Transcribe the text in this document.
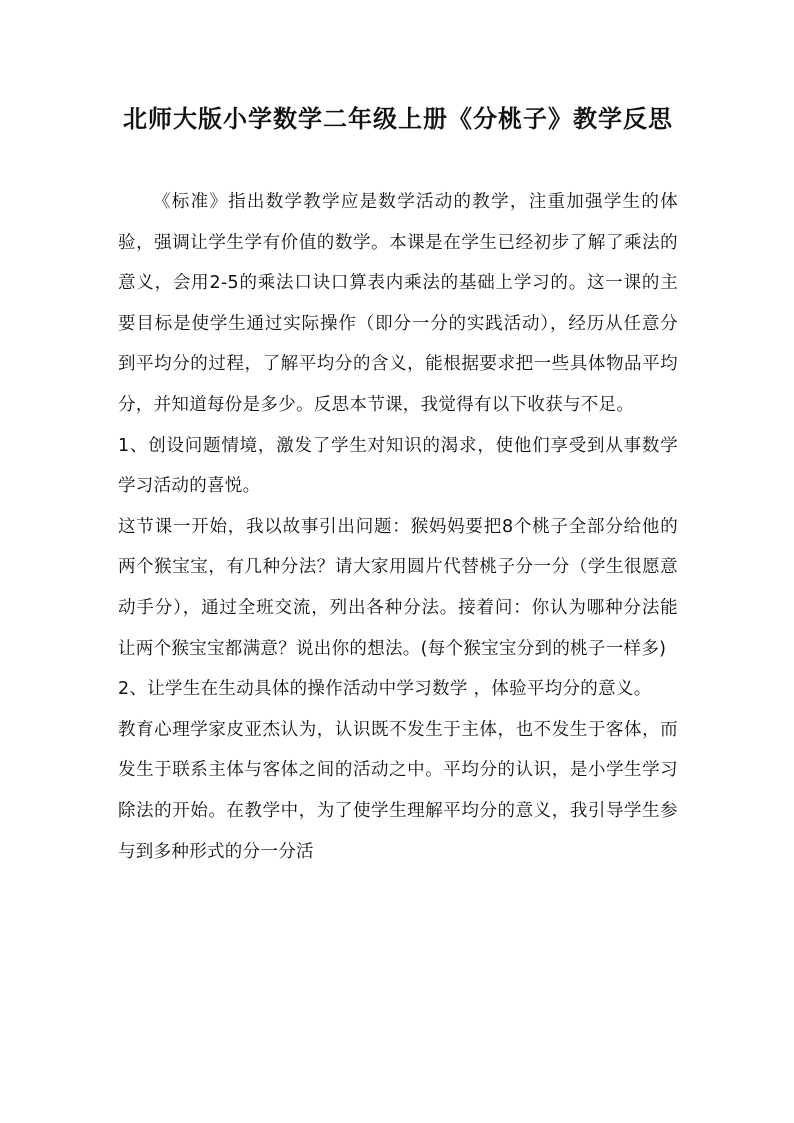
北师大版小学数学二年级上册《分桃子》教学反思

《标准》指出数学教学应是数学活动的教学，注重加强学生的体验，强调让学生学有价值的数学。本课是在学生已经初步了解了乘法的意义，会用2-5的乘法口诀口算表内乘法的基础上学习的。这一课的主要目标是使学生通过实际操作（即分一分的实践活动），经历从任意分 到平均分的过程，了解平均分的含义，能根据要求把一些具体物品平均分，并知道每份是多少。反思本节课，我觉得有以下收获与不足。

1、创设问题情境，激发了学生对知识的渴求，使他们享受到从事数学学习活动的喜悦。

这节课一开始，我以故事引出问题：猴妈妈要把8个桃子全部分给他的两个猴宝宝，有几种分法？请大家用圆片代替桃子分一分（学生很愿意动手分），通过全班交流，列出各种分法。接着问：你认为哪种分法能让两个猴宝宝都满意？说出你的想法。(每个猴宝宝分到的桃子一样多)

2、让学生在生动具体的操作活动中学习数学 ，体验平均分的意义。

教育心理学家皮亚杰认为，认识既不发生于主体，也不发生于客体，而发生于联系主体与客体之间的活动之中。平均分的认识，是小学生学习除法的开始。在教学中，为了使学生理解平均分的意义，我引导学生参与到多种形式的分一分活
